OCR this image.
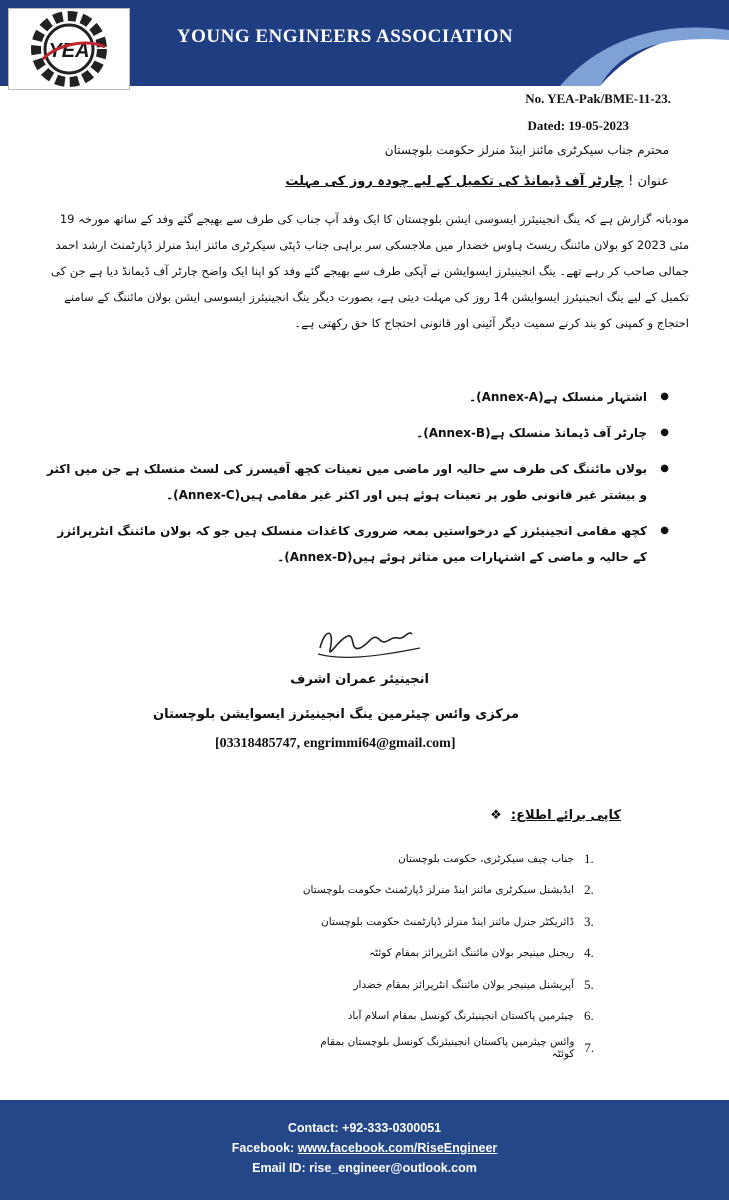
YEA
YOUNG ENGINEERS ASSOCIATION
No. YEA-Pak/BME-11-23.
Dated: 19-05-2023
محترم جناب سیکرٹری مائنز اینڈ منرلز حکومت بلوچستان
عنوان ! چارٹر آف ڈیمانڈ کی تکمیل کے لیے چودہ روز کی مہلت
مودبانہ گزارش ہے کہ ینگ انجینیئرز ایسوسی ایشن بلوچستان کا ایک وفد آپ جناب کی طرف سے بھیجے گئے وفد کے ساتھ مورخہ 19 مئی 2023 کو بولان مائننگ ریسٹ ہاوس خضدار میں ملاجسکی سر براہی جناب ڈپٹی سیکرٹری مائنز اینڈ منرلز ڈپارٹمنٹ ارشد احمد جمالی صاحب کر رہے تھے۔ ینگ انجینیئرز ایسوایشن نے آپکی طرف سے بھیجے گئے وفد کو اپنا ایک واضح چارٹر آف ڈیمانڈ دیا ہے جن کی تکمیل کے لیے ینگ انجینیئرز ایسوایشن 14 روز کی مہلت دیتی ہے، بصورت دیگر ینگ انجینیئرز ایسوسی ایشن بولان مائننگ کے سامنے احتجاج و کمپنی کو بند کرنے سمیت دیگر آئینی اور قانونی احتجاج کا حق رکھتی ہے۔
● اشتہار منسلک ہے(Annex-A)۔
● چارٹر آف ڈیمانڈ منسلک ہے(Annex-B)۔
● بولان مائننگ کی طرف سے حالیہ اور ماضی میں تعینات کچھ آفیسرز کی لسٹ منسلک ہے جن میں اکثر و بیشتر غیر قانونی طور پر تعینات ہوئے ہیں اور اکثر غیر مقامی ہیں(Annex-C)۔
● کچھ مقامی انجینیئرز کے درخواستیں بمعہ ضروری کاغذات منسلک ہیں جو کہ بولان مائننگ انٹرپرائزز کے حالیہ و ماضی کے اشتہارات میں متاثر ہوئے ہیں(Annex-D)۔
انجینیئر عمران اشرف
مرکزی وائس چیئرمین ینگ انجینیئرز ایسوایشن بلوچستان
[03318485747, engrimmi64@gmail.com]
کاپی برائے اطلاع:  ❖
1.
جناب چیف سیکرٹری، حکومت بلوچستان
2.
ایڈیشنل سیکرٹری مائنز اینڈ منرلز ڈپارٹمنٹ حکومت بلوچستان
3.
ڈائریکٹر جنرل مائنز اینڈ منرلز ڈپارٹمنٹ حکومت بلوچستان
4.
ریجنل مینیجر بولان مائننگ انٹرپرائز بمقام کوئٹہ
5.
آپریشنل مینیجر بولان مائننگ انٹرپرائز بمقام خضدار
6.
چیئرمین پاکستان انجینیئرنگ کونسل بمقام اسلام آباد
7.
وائس چیئرمین پاکستان انجینیئرنگ کونسل بلوچستان بمقام کوئٹہ
Contact: +92-333-0300051
Facebook: www.facebook.com/RiseEngineer
Email ID: rise_engineer@outlook.com
